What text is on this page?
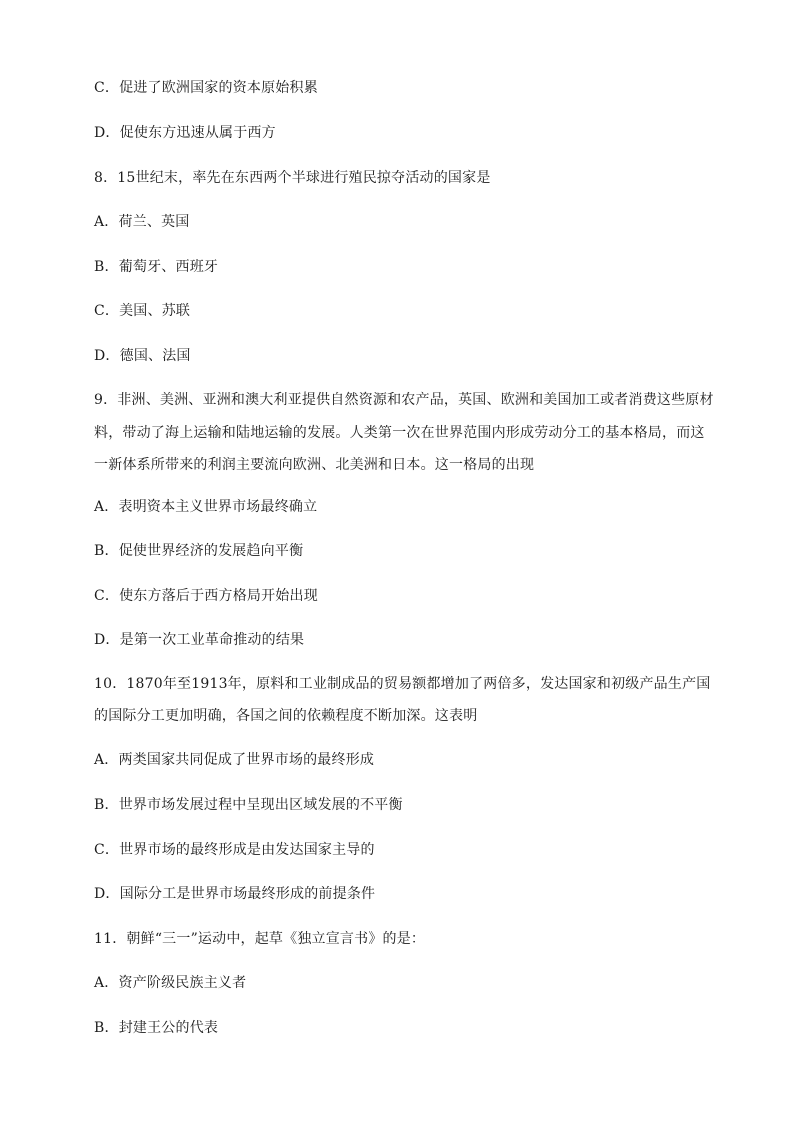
C．促进了欧洲国家的资本原始积累
D．促使东方迅速从属于西方
8．15世纪末，率先在东西两个半球进行殖民掠夺活动的国家是
A．荷兰、英国
B．葡萄牙、西班牙
C．美国、苏联
D．德国、法国
9．非洲、美洲、亚洲和澳大利亚提供自然资源和农产品，英国、欧洲和美国加工或者消费这些原材
料，带动了海上运输和陆地运输的发展。人类第一次在世界范围内形成劳动分工的基本格局，而这
一新体系所带来的利润主要流向欧洲、北美洲和日本。这一格局的出现
A．表明资本主义世界市场最终确立
B．促使世界经济的发展趋向平衡
C．使东方落后于西方格局开始出现
D．是第一次工业革命推动的结果
10．1870年至1913年，原料和工业制成品的贸易额都增加了两倍多，发达国家和初级产品生产国
的国际分工更加明确，各国之间的依赖程度不断加深。这表明
A．两类国家共同促成了世界市场的最终形成
B．世界市场发展过程中呈现出区域发展的不平衡
C．世界市场的最终形成是由发达国家主导的
D．国际分工是世界市场最终形成的前提条件
11．朝鲜“三一”运动中，起草《独立宣言书》的是：
A．资产阶级民族主义者
B．封建王公的代表
